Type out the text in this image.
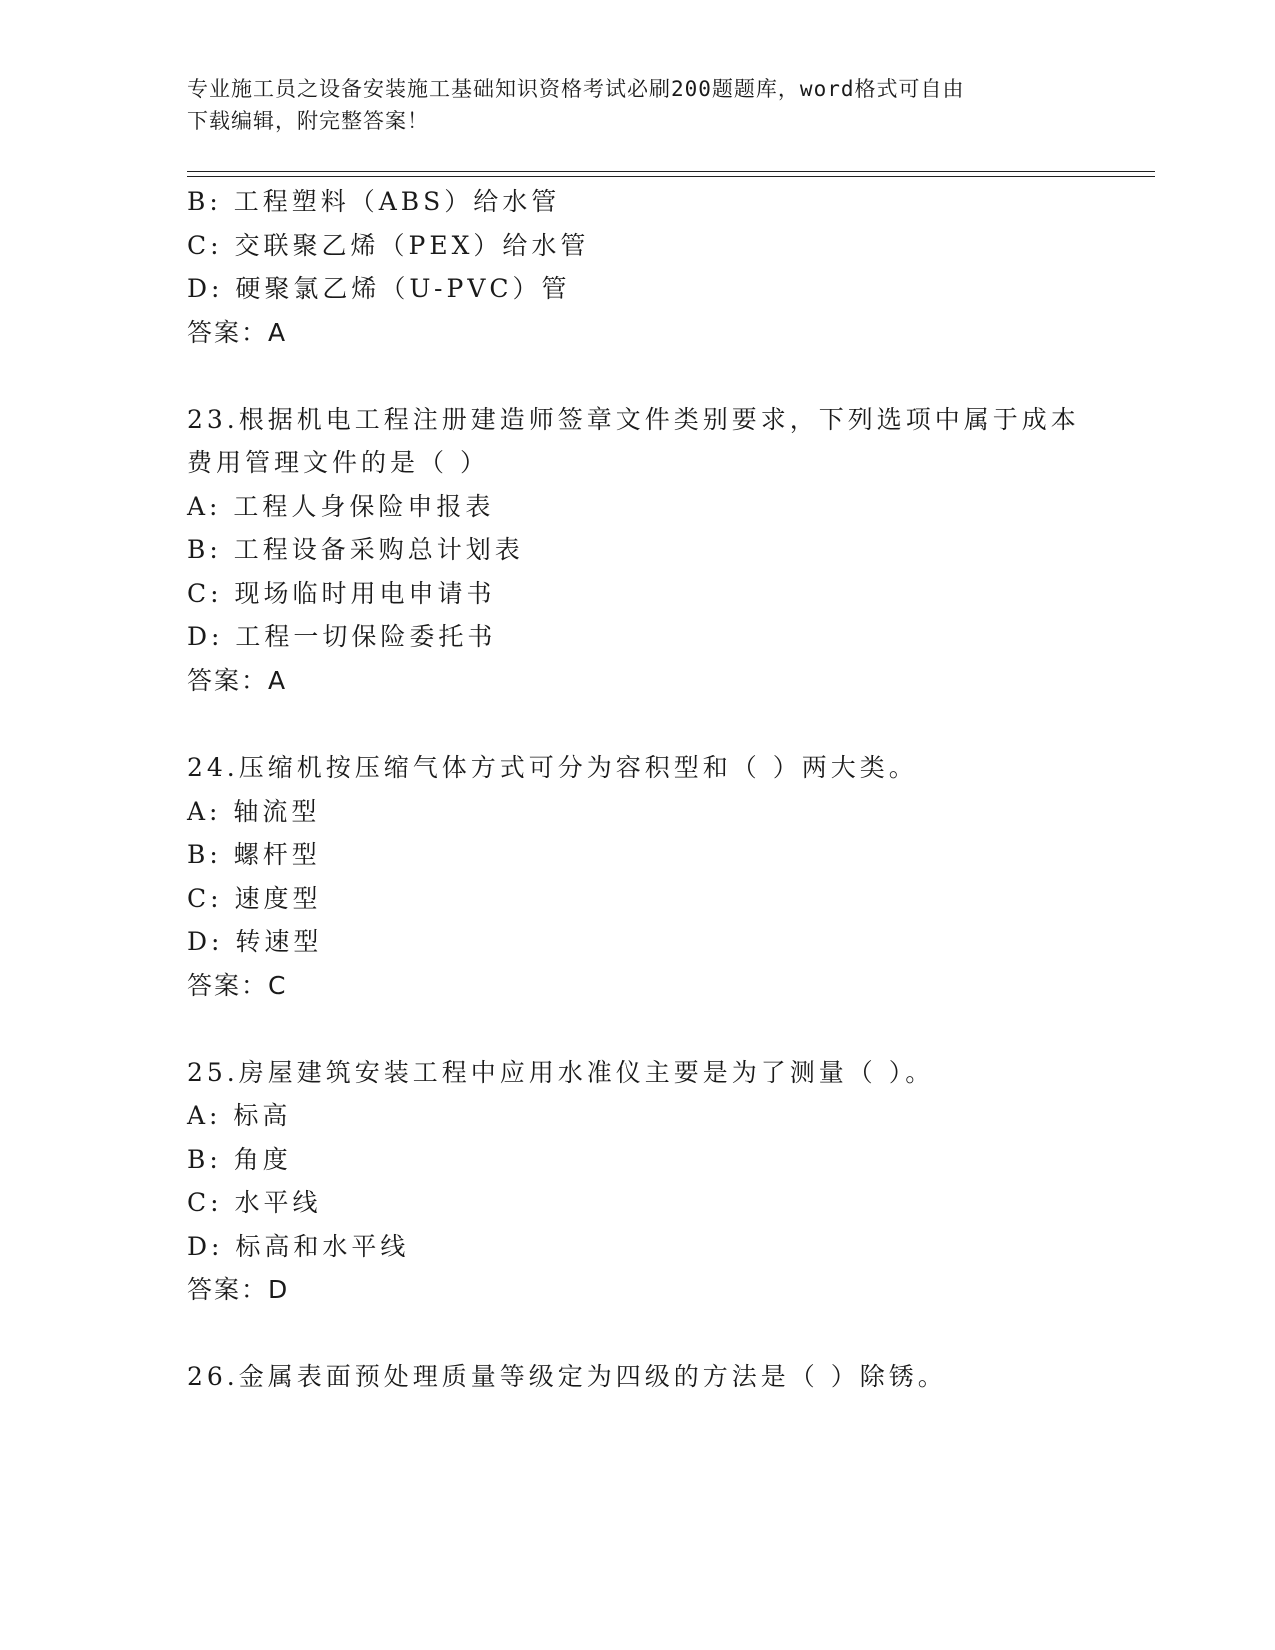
专业施工员之设备安装施工基础知识资格考试必刷200题题库，word格式可自由
下载编辑，附完整答案！
B: 工程塑料（ABS）给水管
C: 交联聚乙烯（PEX）给水管
D: 硬聚氯乙烯（U-PVC）管
答案：A
23.根据机电工程注册建造师签章文件类别要求，下列选项中属于成本
费用管理文件的是（ ）
A: 工程人身保险申报表
B: 工程设备采购总计划表
C: 现场临时用电申请书
D: 工程一切保险委托书
答案：A
24.压缩机按压缩气体方式可分为容积型和（ ）两大类。
A: 轴流型
B: 螺杆型
C: 速度型
D: 转速型
答案：C
25.房屋建筑安装工程中应用水准仪主要是为了测量（ ）。
A: 标高
B: 角度
C: 水平线
D: 标高和水平线
答案：D
26.金属表面预处理质量等级定为四级的方法是（ ）除锈。
